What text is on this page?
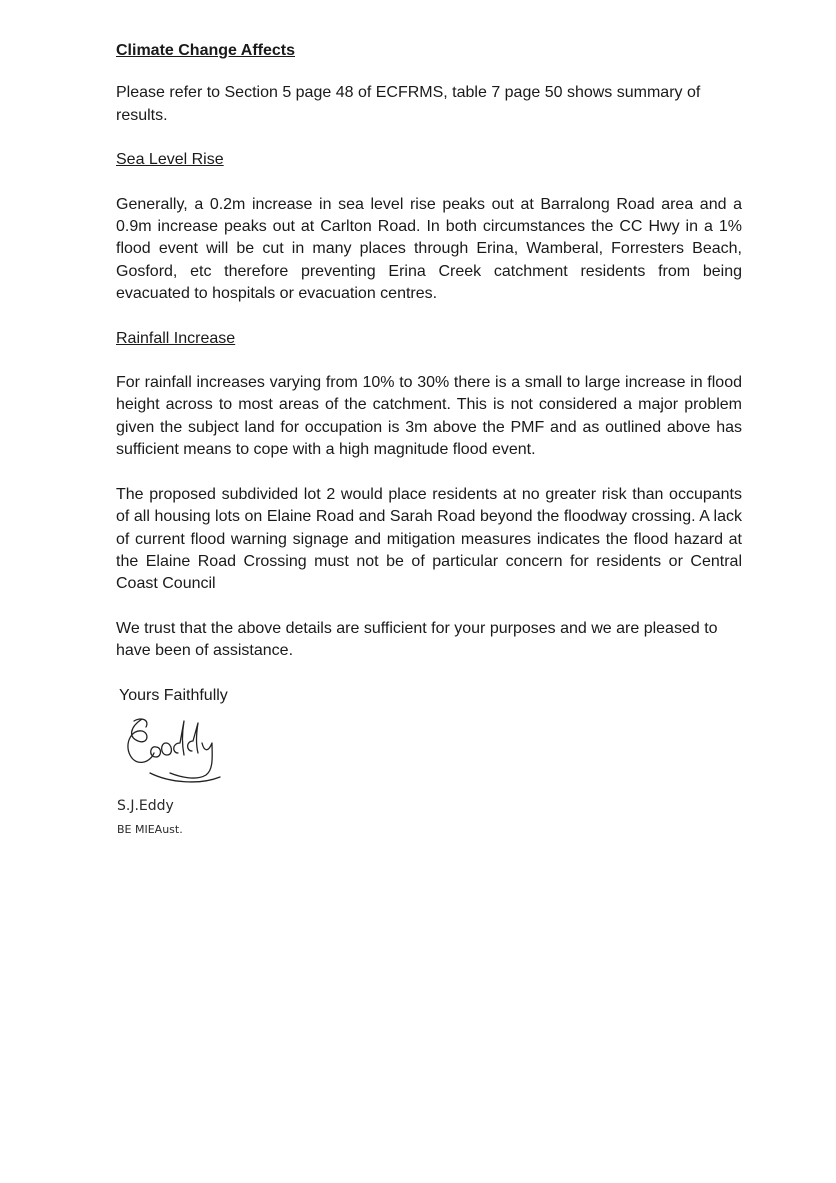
Climate Change Affects

Please refer to Section 5 page 48 of ECFRMS, table 7 page 50 shows summary of results.

Sea Level Rise

Generally, a 0.2m increase in sea level rise peaks out at Barralong Road area and a 0.9m increase peaks out at Carlton Road. In both circumstances the CC Hwy in a 1% flood event will be cut in many places through Erina, Wamberal, Forresters Beach, Gosford, etc therefore preventing Erina Creek catchment residents from being evacuated to hospitals or evacuation centres.

Rainfall Increase

For rainfall increases varying from 10% to 30% there is a small to large increase in flood height across to most areas of the catchment. This is not considered a major problem given the subject land for occupation is 3m above the PMF and as outlined above has sufficient means to cope with a high magnitude flood event.

The proposed subdivided lot 2 would place residents at no greater risk than occupants of all housing lots on Elaine Road and Sarah Road beyond the floodway crossing. A lack of current flood warning signage and mitigation measures indicates the flood hazard at the Elaine Road Crossing must not be of particular concern for residents or Central Coast Council

We trust that the above details are sufficient for your purposes and we are pleased to have been of assistance.

Yours Faithfully
S.J.Eddy
BE MIEAust.
